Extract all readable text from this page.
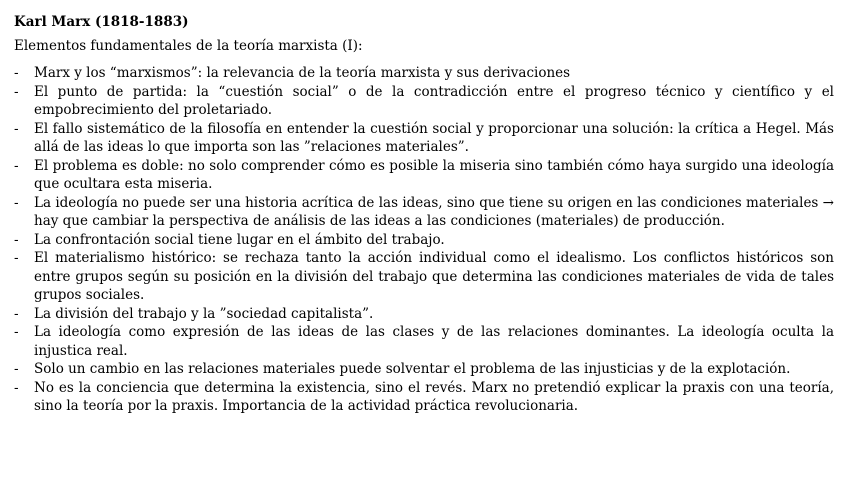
Karl Marx (1818-1883)
Elementos fundamentales de la teoría marxista (I):
- Marx y los “marxismos”: la relevancia de la teoría marxista y sus derivaciones
- El punto de partida: la “cuestión social” o de la contradicción entre el progreso técnico y científico y el empobrecimiento del proletariado.
- El fallo sistemático de la filosofía en entender la cuestión social y proporcionar una solución: la crítica a Hegel. Más allá de las ideas lo que importa son las ”relaciones materiales”.
- El problema es doble: no solo comprender cómo es posible la miseria sino también cómo haya surgido una ideología que ocultara esta miseria.
- La ideología no puede ser una historia acrítica de las ideas, sino que tiene su origen en las condiciones materiales → hay que cambiar la perspectiva de análisis de las ideas a las condiciones (materiales) de producción.
- La confrontación social tiene lugar en el ámbito del trabajo.
- El materialismo histórico: se rechaza tanto la acción individual como el idealismo. Los conflictos históricos son entre grupos según su posición en la división del trabajo que determina las condiciones materiales de vida de tales grupos sociales.
- La división del trabajo y la ”sociedad capitalista”.
- La ideología como expresión de las ideas de las clases y de las relaciones dominantes. La ideología oculta la injustica real.
- Solo un cambio en las relaciones materiales puede solventar el problema de las injusticias y de la explotación.
- No es la conciencia que determina la existencia, sino el revés. Marx no pretendió explicar la praxis con una teoría, sino la teoría por la praxis. Importancia de la actividad práctica revolucionaria.
